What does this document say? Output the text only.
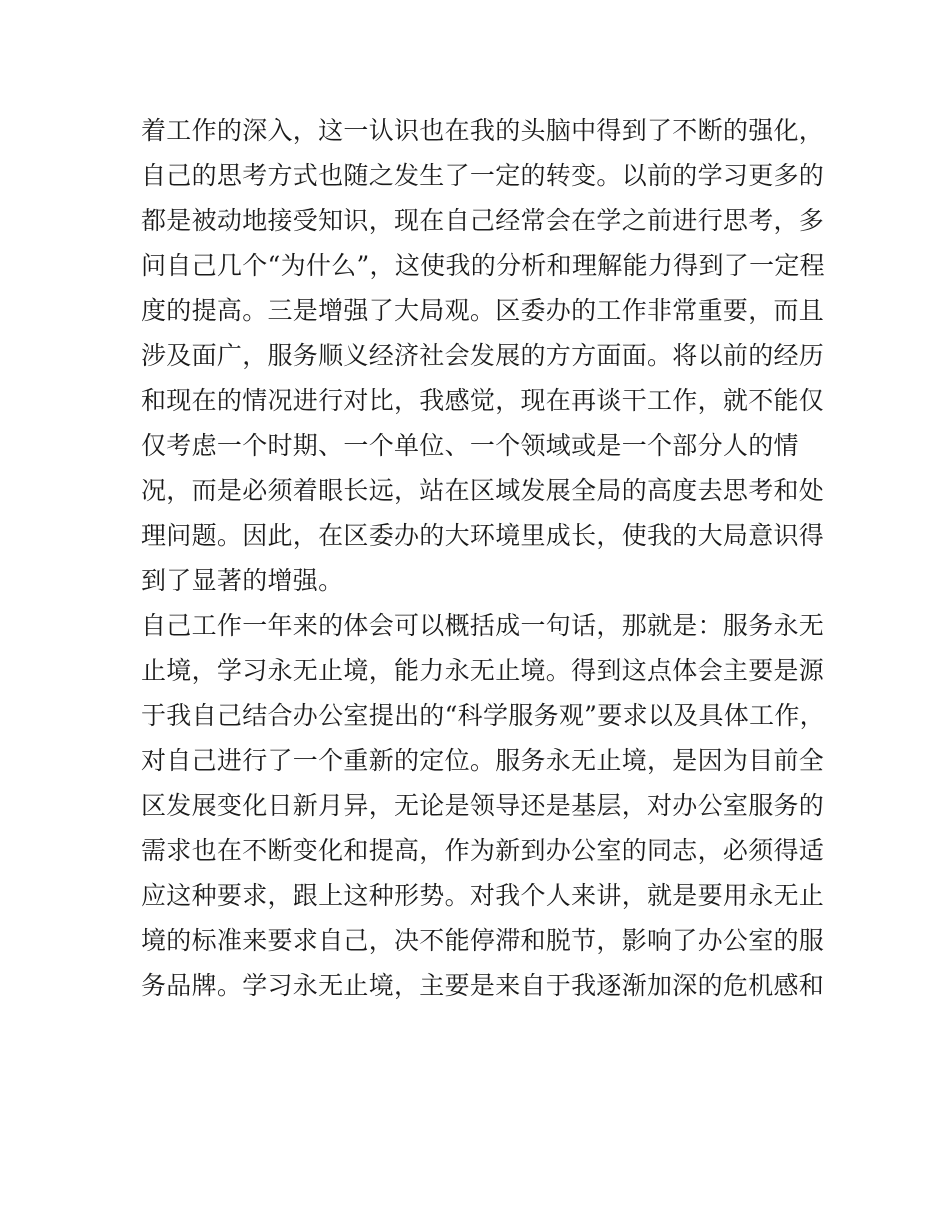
着工作的深入，这一认识也在我的头脑中得到了不断的强化，
自己的思考方式也随之发生了一定的转变。以前的学习更多的
都是被动地接受知识，现在自己经常会在学之前进行思考，多
问自己几个“为什么”，这使我的分析和理解能力得到了一定程
度的提高。三是增强了大局观。区委办的工作非常重要，而且
涉及面广，服务顺义经济社会发展的方方面面。将以前的经历
和现在的情况进行对比，我感觉，现在再谈干工作，就不能仅
仅考虑一个时期、一个单位、一个领域或是一个部分人的情
况，而是必须着眼长远，站在区域发展全局的高度去思考和处
理问题。因此，在区委办的大环境里成长，使我的大局意识得
到了显著的增强。
自己工作一年来的体会可以概括成一句话，那就是：服务永无
止境，学习永无止境，能力永无止境。得到这点体会主要是源
于我自己结合办公室提出的“科学服务观”要求以及具体工作，
对自己进行了一个重新的定位。服务永无止境，是因为目前全
区发展变化日新月异，无论是领导还是基层，对办公室服务的
需求也在不断变化和提高，作为新到办公室的同志，必须得适
应这种要求，跟上这种形势。对我个人来讲，就是要用永无止
境的标准来要求自己，决不能停滞和脱节，影响了办公室的服
务品牌。学习永无止境，主要是来自于我逐渐加深的危机感和
